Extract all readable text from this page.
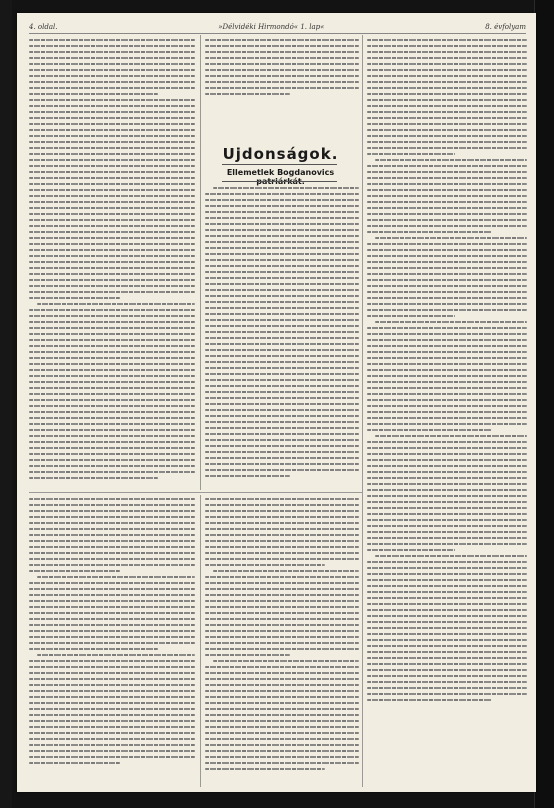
4. oldal.	»Délvidéki Hirmondó« 1. lap«	8. évfolyam
Ujdonságok.
Ellemetlek Bogdanovics
